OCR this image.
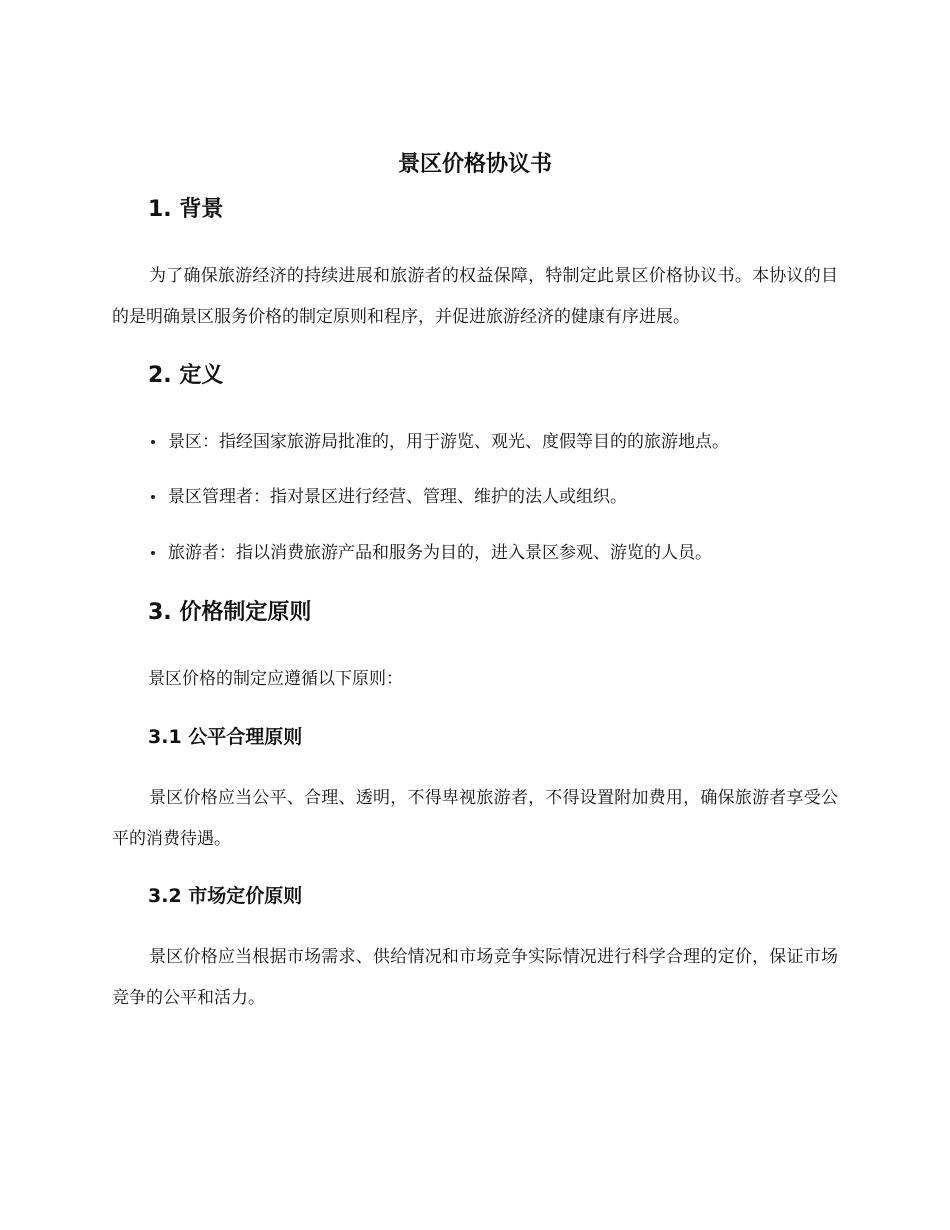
景区价格协议书
1. 背景
为了确保旅游经济的持续进展和旅游者的权益保障，特制定此景区价格协议书。本协议的目的是明确景区服务价格的制定原则和程序，并促进旅游经济的健康有序进展。
2. 定义
景区：指经国家旅游局批准的，用于游览、观光、度假等目的的旅游地点。
景区管理者：指对景区进行经营、管理、维护的法人或组织。
旅游者：指以消费旅游产品和服务为目的，进入景区参观、游览的人员。
3. 价格制定原则
景区价格的制定应遵循以下原则：
3.1 公平合理原则
景区价格应当公平、合理、透明，不得卑视旅游者，不得设置附加费用，确保旅游者享受公平的消费待遇。
3.2 市场定价原则
景区价格应当根据市场需求、供给情况和市场竞争实际情况进行科学合理的定价，保证市场竞争的公平和活力。
